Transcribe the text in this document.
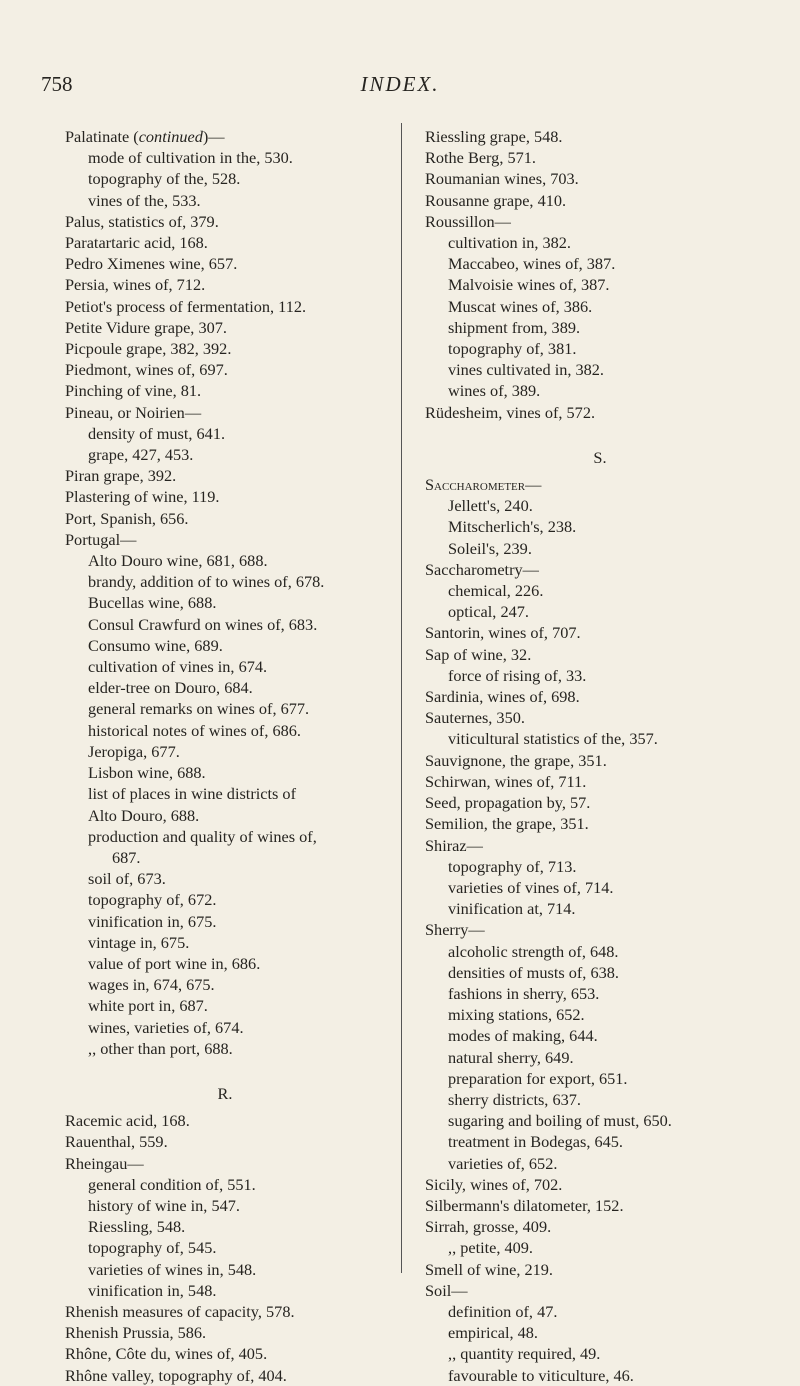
758	INDEX.
Palatinate (continued)—
mode of cultivation in the, 530.
topography of the, 528.
vines of the, 533.
Palus, statistics of, 379.
Paratartaric acid, 168.
Pedro Ximenes wine, 657.
Persia, wines of, 712.
Petiot's process of fermentation, 112.
Petite Vidure grape, 307.
Picpoule grape, 382, 392.
Piedmont, wines of, 697.
Pinching of vine, 81.
Pineau, or Noirien—
density of must, 641.
grape, 427, 453.
Piran grape, 392.
Plastering of wine, 119.
Port, Spanish, 656.
Portugal—
Alto Douro wine, 681, 688.
brandy, addition of to wines of, 678.
Bucellas wine, 688.
Consul Crawfurd on wines of, 683.
Consumo wine, 689.
cultivation of vines in, 674.
elder-tree on Douro, 684.
general remarks on wines of, 677.
historical notes of wines of, 686.
Jeropiga, 677.
Lisbon wine, 688.
list of places in wine districts of
Alto Douro, 688.
production and quality of wines of,
687.
soil of, 673.
topography of, 672.
vinification in, 675.
vintage in, 675.
value of port wine in, 686.
wages in, 674, 675.
white port in, 687.
wines, varieties of, 674.
,, other than port, 688.
R.
Racemic acid, 168.
Rauenthal, 559.
Rheingau—
general condition of, 551.
history of wine in, 547.
Riessling, 548.
topography of, 545.
varieties of wines in, 548.
vinification in, 548.
Rhenish measures of capacity, 578.
Rhenish Prussia, 586.
Rhône, Côte du, wines of, 405.
Rhône valley, topography of, 404.
Riessling grape, 548.
Rothe Berg, 571.
Roumanian wines, 703.
Rousanne grape, 410.
Roussillon—
cultivation in, 382.
Maccabeo, wines of, 387.
Malvoisie wines of, 387.
Muscat wines of, 386.
shipment from, 389.
topography of, 381.
vines cultivated in, 382.
wines of, 389.
Rüdesheim, vines of, 572.
S.
Saccharometer—
Jellett's, 240.
Mitscherlich's, 238.
Soleil's, 239.
Saccharometry—
chemical, 226.
optical, 247.
Santorin, wines of, 707.
Sap of wine, 32.
force of rising of, 33.
Sardinia, wines of, 698.
Sauternes, 350.
viticultural statistics of the, 357.
Sauvignone, the grape, 351.
Schirwan, wines of, 711.
Seed, propagation by, 57.
Semilion, the grape, 351.
Shiraz—
topography of, 713.
varieties of vines of, 714.
vinification at, 714.
Sherry—
alcoholic strength of, 648.
densities of musts of, 638.
fashions in sherry, 653.
mixing stations, 652.
modes of making, 644.
natural sherry, 649.
preparation for export, 651.
sherry districts, 637.
sugaring and boiling of must, 650.
treatment in Bodegas, 645.
varieties of, 652.
Sicily, wines of, 702.
Silbermann's dilatometer, 152.
Sirrah, grosse, 409.
,, petite, 409.
Smell of wine, 219.
Soil—
definition of, 47.
empirical, 48.
,, quantity required, 49.
favourable to viticulture, 46.
